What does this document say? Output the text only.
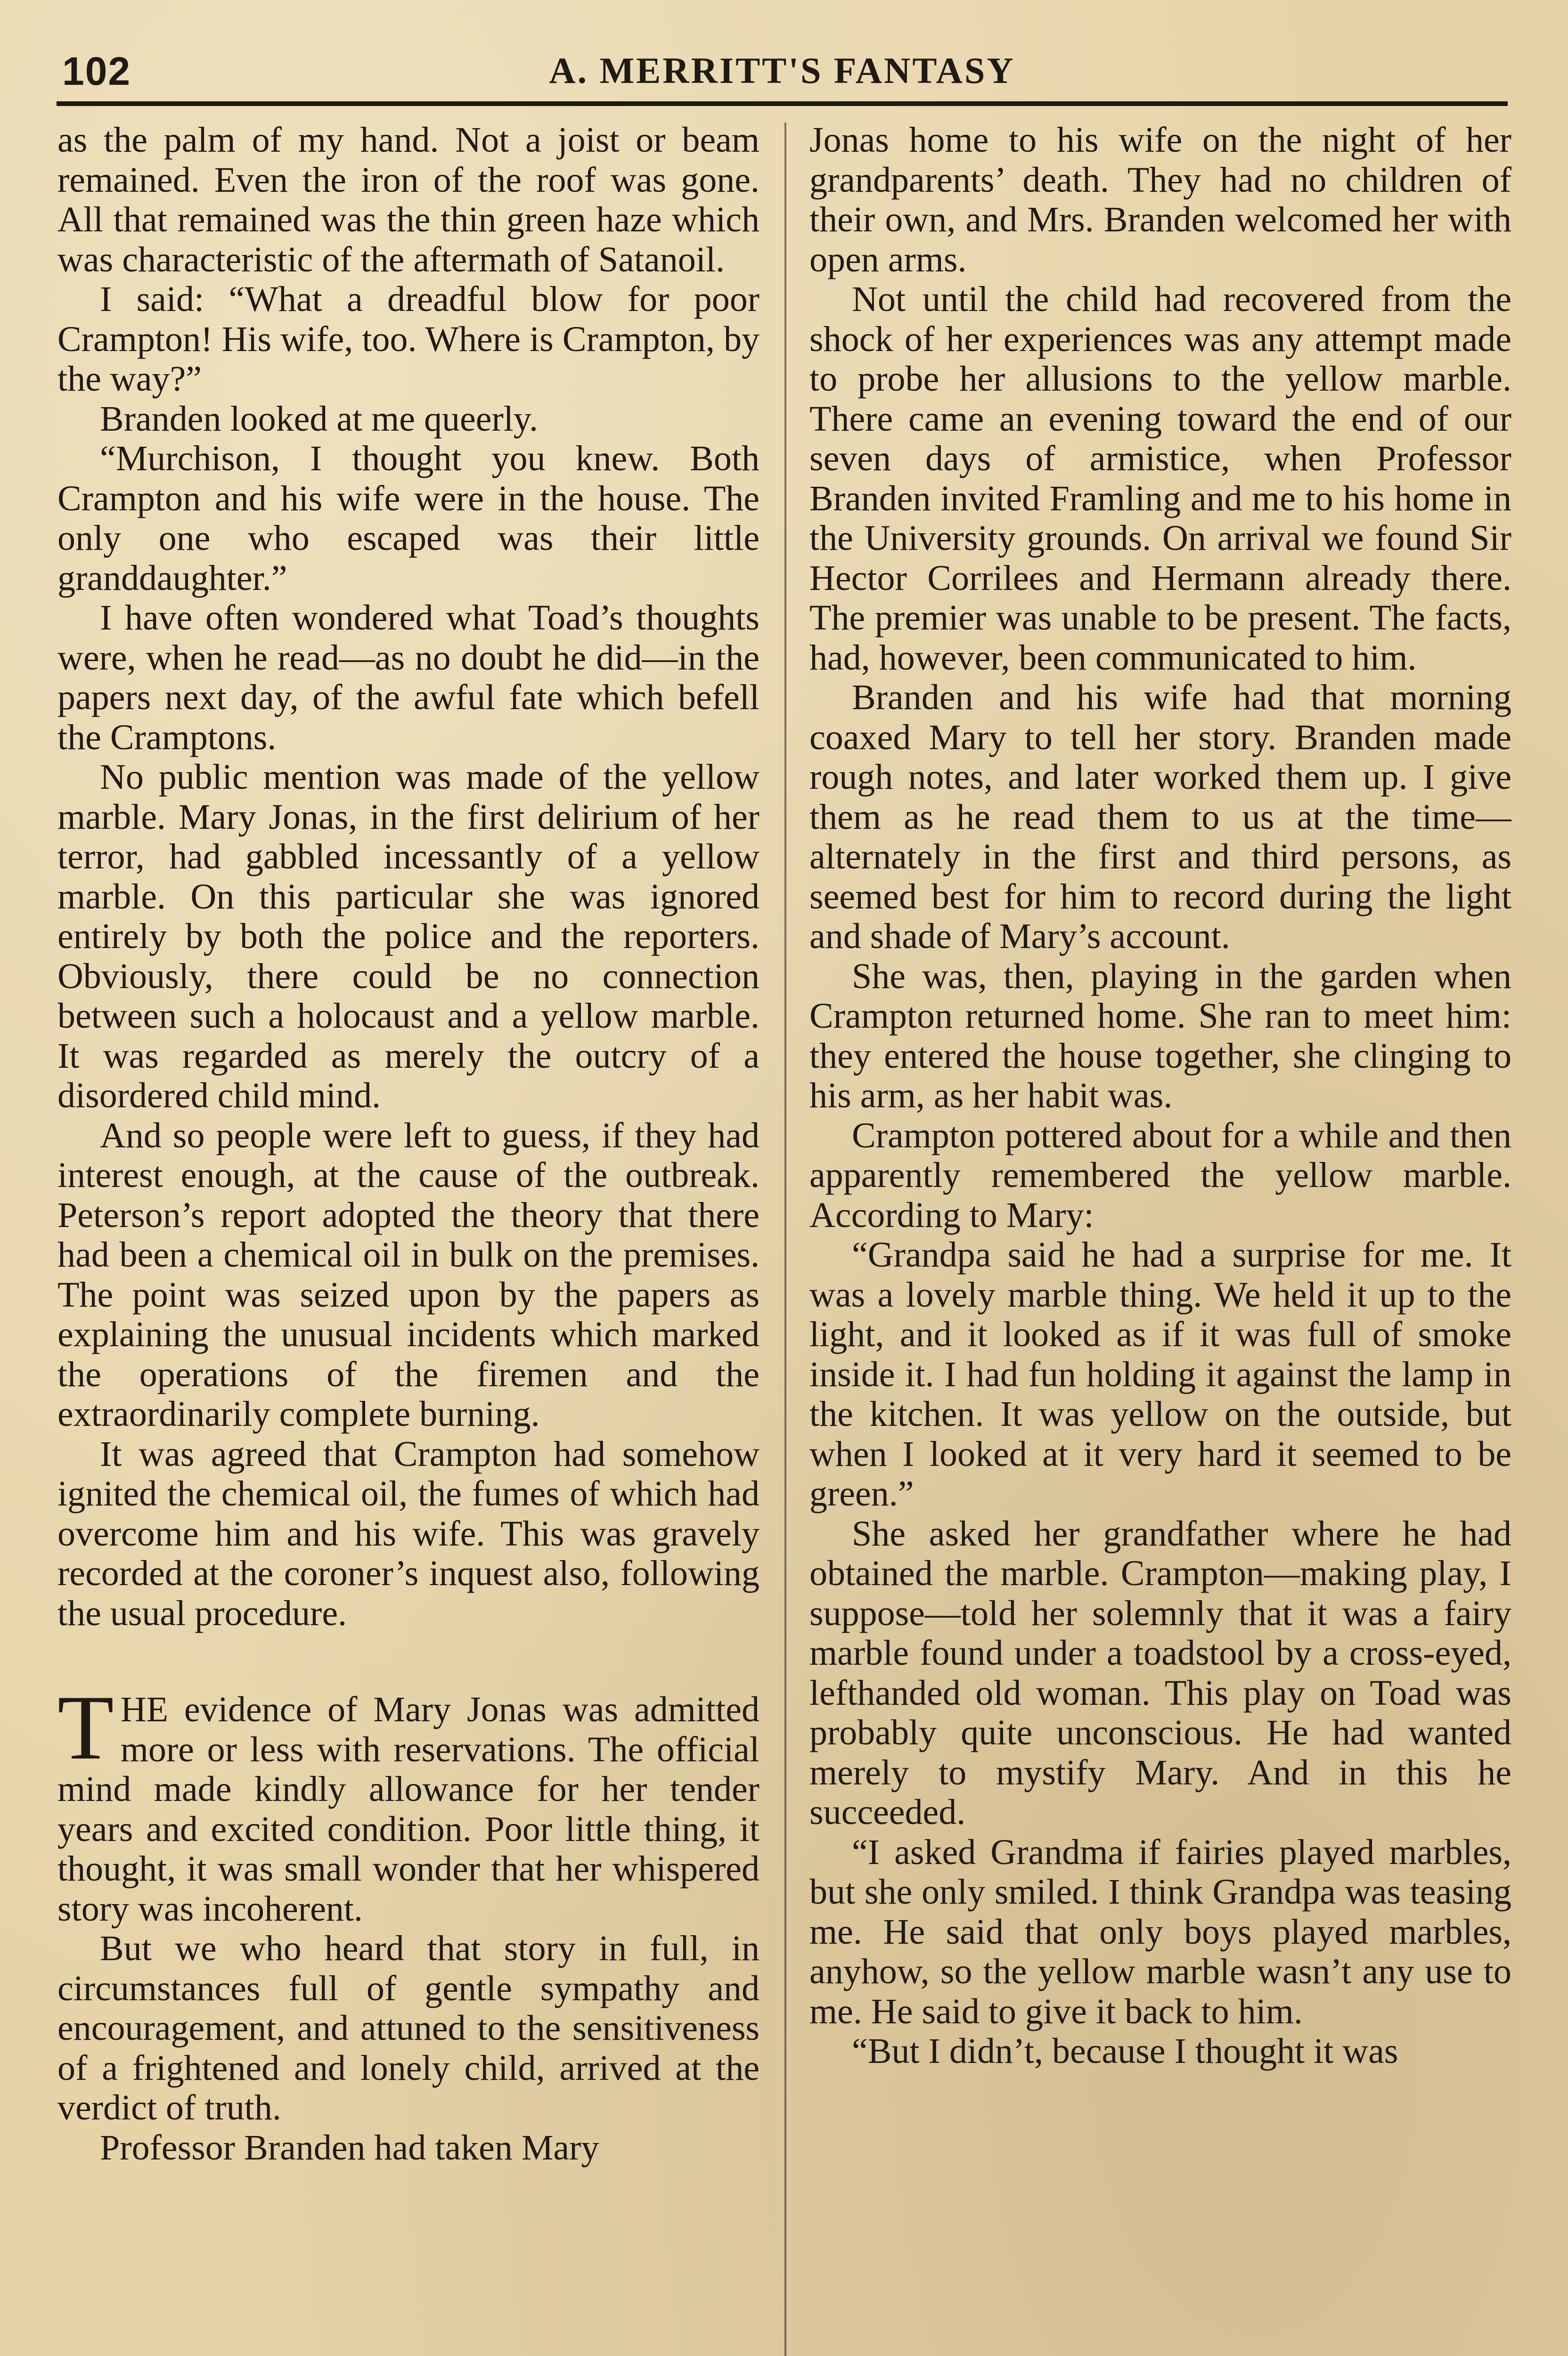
102	A. MERRITT'S FANTASY

as the palm of my hand. Not a joist or beam remained. Even the iron of the roof was gone. All that remained was the thin green haze which was characteristic of the aftermath of Satanoil.

I said: “What a dreadful blow for poor Crampton! His wife, too. Where is Crampton, by the way?”

Branden looked at me queerly.

“Murchison, I thought you knew. Both Crampton and his wife were in the house. The only one who escaped was their little granddaughter.”

I have often wondered what Toad’s thoughts were, when he read—as no doubt he did—in the papers next day, of the awful fate which befell the Cramptons.

No public mention was made of the yellow marble. Mary Jonas, in the first delirium of her terror, had gabbled incessantly of a yellow marble. On this particular she was ignored entirely by both the police and the reporters. Obviously, there could be no connection between such a holocaust and a yellow marble. It was regarded as merely the outcry of a disordered child mind.

And so people were left to guess, if they had interest enough, at the cause of the outbreak. Peterson’s report adopted the theory that there had been a chemical oil in bulk on the premises. The point was seized upon by the papers as explaining the unusual incidents which marked the operations of the firemen and the extraordinarily complete burning.

It was agreed that Crampton had somehow ignited the chemical oil, the fumes of which had overcome him and his wife. This was gravely recorded at the coroner’s inquest also, following the usual procedure.

THE evidence of Mary Jonas was admitted more or less with reservations. The official mind made kindly allowance for her tender years and excited condition. Poor little thing, it thought, it was small wonder that her whispered story was incoherent.

But we who heard that story in full, in circumstances full of gentle sympathy and encouragement, and attuned to the sensitiveness of a frightened and lonely child, arrived at the verdict of truth.

Professor Branden had taken Mary

Jonas home to his wife on the night of her grandparents’ death. They had no children of their own, and Mrs. Branden welcomed her with open arms.

Not until the child had recovered from the shock of her experiences was any attempt made to probe her allusions to the yellow marble. There came an evening toward the end of our seven days of armistice, when Professor Branden invited Framling and me to his home in the University grounds. On arrival we found Sir Hector Corrilees and Hermann already there. The premier was unable to be present. The facts, had, however, been communicated to him.

Branden and his wife had that morning coaxed Mary to tell her story. Branden made rough notes, and later worked them up. I give them as he read them to us at the time—alternately in the first and third persons, as seemed best for him to record during the light and shade of Mary’s account.

She was, then, playing in the garden when Crampton returned home. She ran to meet him: they entered the house together, she clinging to his arm, as her habit was.

Crampton pottered about for a while and then apparently remembered the yellow marble. According to Mary:

“Grandpa said he had a surprise for me. It was a lovely marble thing. We held it up to the light, and it looked as if it was full of smoke inside it. I had fun holding it against the lamp in the kitchen. It was yellow on the outside, but when I looked at it very hard it seemed to be green.”

She asked her grandfather where he had obtained the marble. Crampton—making play, I suppose—told her solemnly that it was a fairy marble found under a toadstool by a cross-eyed, lefthanded old woman. This play on Toad was probably quite unconscious. He had wanted merely to mystify Mary. And in this he succeeded.

“I asked Grandma if fairies played marbles, but she only smiled. I think Grandpa was teasing me. He said that only boys played marbles, anyhow, so the yellow marble wasn’t any use to me. He said to give it back to him.

“But I didn’t, because I thought it was
